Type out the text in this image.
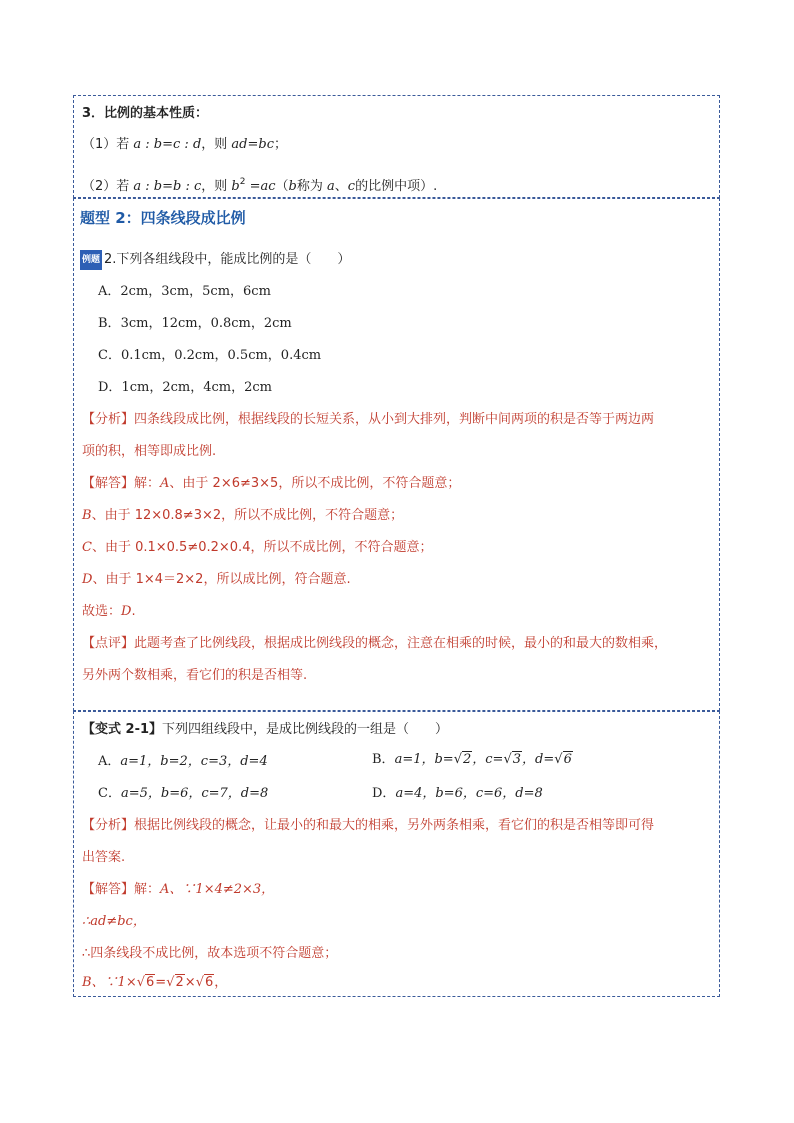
3．比例的基本性质：
（1）若 a : b=c : d，则 ad=bc；
（2）若 a : b=b : c，则 $b^2 =ac(b$称为 a、c的比例中项）.
题型 2：四条线段成比例
例题 2.下列各组线段中，能成比例的是（　　）
A．2cm，3cm，5cm，6cm
B．3cm，12cm，0.8cm，2cm
C．0.1cm，0.2cm，0.5cm，0.4cm
D．1cm，2cm，4cm，2cm
【分析】四条线段成比例，根据线段的长短关系，从小到大排列，判断中间两项的积是否等于两边两
项的积，相等即成比例.
【解答】解：A、由于 2×6≠3×5，所以不成比例，不符合题意；
B、由于 12×0.8≠3×2，所以不成比例，不符合题意；
C、由于 0.1×0.5≠0.2×0.4，所以不成比例，不符合题意；
D、由于 1×4＝2×2，所以成比例，符合题意.
故选：D.
【点评】此题考查了比例线段，根据成比例线段的概念，注意在相乘的时候，最小的和最大的数相乘，
另外两个数相乘，看它们的积是否相等.
【变式 2-1】下列四组线段中，是成比例线段的一组是（　　）
A．a=1，b=2，c=3，d=4	B．a=1，b=√2，c=√3，d=√6
C．a=5，b=6，c=7，d=8	D．a=4，b=6，c=6，d=8
【分析】根据比例线段的概念，让最小的和最大的相乘，另外两条相乘，看它们的积是否相等即可得
出答案.
【解答】解：A、∵1×4≠2×3，
∴ad≠bc，
∴四条线段不成比例，故本选项不符合题意；
B、∵1×√6=√2×√6，
